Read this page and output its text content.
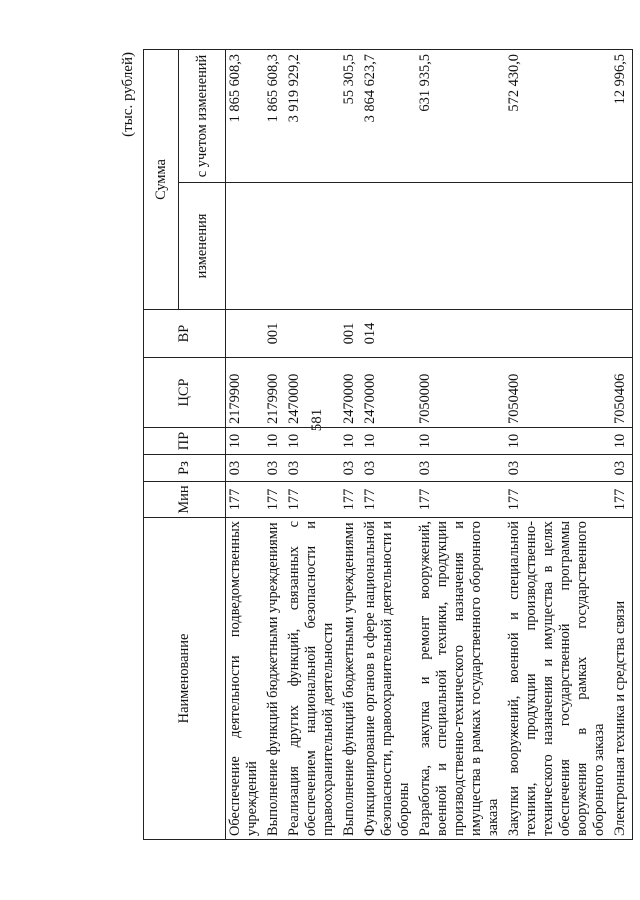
581
(тыс. рублей)
Наименование	Мин	Рз	ПР	ЦСР	ВР	Сумма	
						изменения	с учетом изменений
Обеспечение деятельности подведомственных учреждений	177	03	10	2179900			1 865 608,3
Выполнение функций бюджетными учреждениями	177	03	10	2179900	001		1 865 608,3
Реализация других функций, связанных с обеспечением национальной безопасности и правоохранительной деятельности	177	03	10	2470000			3 919 929,2
Выполнение функций бюджетными учреждениями	177	03	10	2470000	001		55 305,5
Функционирование органов в сфере национальной безопасности, правоохранительной деятельности и обороны	177	03	10	2470000	014		3 864 623,7
Разработка, закупка и ремонт вооружений, военной и специальной техники, продукции производственно-технического назначения и имущества в рамках государственного оборонного заказа	177	03	10	7050000			631 935,5
Закупки вооружений, военной и специальной техники, продукции производственно-технического назначения и имущества в целях обеспечения государственной программы вооружения в рамках государственного оборонного заказа	177	03	10	7050400			572 430,0
Электронная техника и средства связи	177	03	10	7050406			12 996,5
